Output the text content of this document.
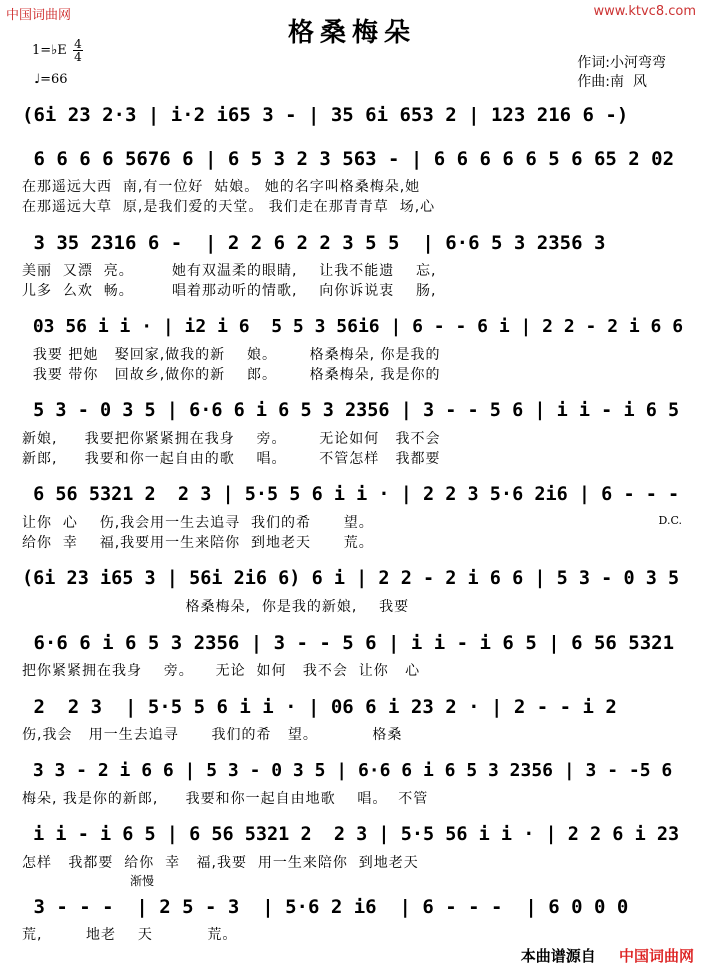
中国词曲网	www.ktvc8.com
格桑梅朵
1=♭E $\frac{4}{4}$
♩=66
作词:小河弯弯
作曲:南  风
(6i 23 2·3 | i·2 i65 3 - | 35 6i 653 2 | 123 216 6 -)
6 6 6 6 5676 6 | 6 5 3 2 3 563 - | 6 6 6 6 6 5 6 65 2 02
在那遥远大西  南,有一位好  姑娘。 她的名字叫格桑梅朵,她
在那遥远大草  原,是我们爱的天堂。 我们走在那青青草  场,心
3 35 2316 6 -  | 2 2 6 2 2 3 5 5  | 6·6 5 3 2356 3
美丽  又漂  亮。       她有双温柔的眼睛,    让我不能遗    忘,
儿多  么欢  畅。       唱着那动听的情歌,    向你诉说衷    肠,
03 56 i i · | i2 i 6  5 5 3 56i6 | 6 - - 6 i | 2 2 - 2 i 6 6
我要 把她   娶回家,做我的新    娘。      格桑梅朵, 你是我的
我要 带你   回故乡,做你的新    郎。      格桑梅朵, 我是你的
5 3 - 0 3 5 | 6·6 6 i 6 5 3 2356 | 3 - - 5 6 | i i - i 6 5
新娘,     我要把你紧紧拥在我身    旁。      无论如何   我不会
新郎,     我要和你一起自由的歌    唱。      不管怎样   我都要
6 56 5321 2  2 3 | 5·5 5 6 i i · | 2 2 3 5·6 2i6 | 6 - - -
让你  心    伤,我会用一生去追寻  我们的希      望。
给你  幸    福,我要用一生来陪你  到地老天      荒。
(6i 23 i65 3 | 56i 2i6 6) 6 i | 2 2 - 2 i 6 6 | 5 3 - 0 3 5
格桑梅朵,  你是我的新娘,    我要
6·6 6 i 6 5 3 2356 | 3 - - 5 6 | i i - i 6 5 | 6 56 5321
把你紧紧拥在我身    旁。    无论  如何   我不会  让你   心
2  2 3  | 5·5 5 6 i i · | 06 6 i 23 2 · | 2 - - i 2
伤,我会   用一生去追寻      我们的希   望。          格桑
3 3 - 2 i 6 6 | 5 3 - 0 3 5 | 6·6 6 i 6 5 3 2356 | 3 - -5 6
梅朵, 我是你的新郎,     我要和你一起自由地歌    唱。  不管
i i - i 6 5 | 6 56 5321 2  2 3 | 5·5 56 i i · | 2 2 6 i 23
怎样   我都要  给你  幸   福,我要  用一生来陪你  到地老天
3 - - -  | 2 5 - 3  | 5·6 2 i6  | 6 - - -  | 6 0 0 0
荒,        地老    天          荒。
D.C.
渐慢
本曲谱源自 中国词曲网
